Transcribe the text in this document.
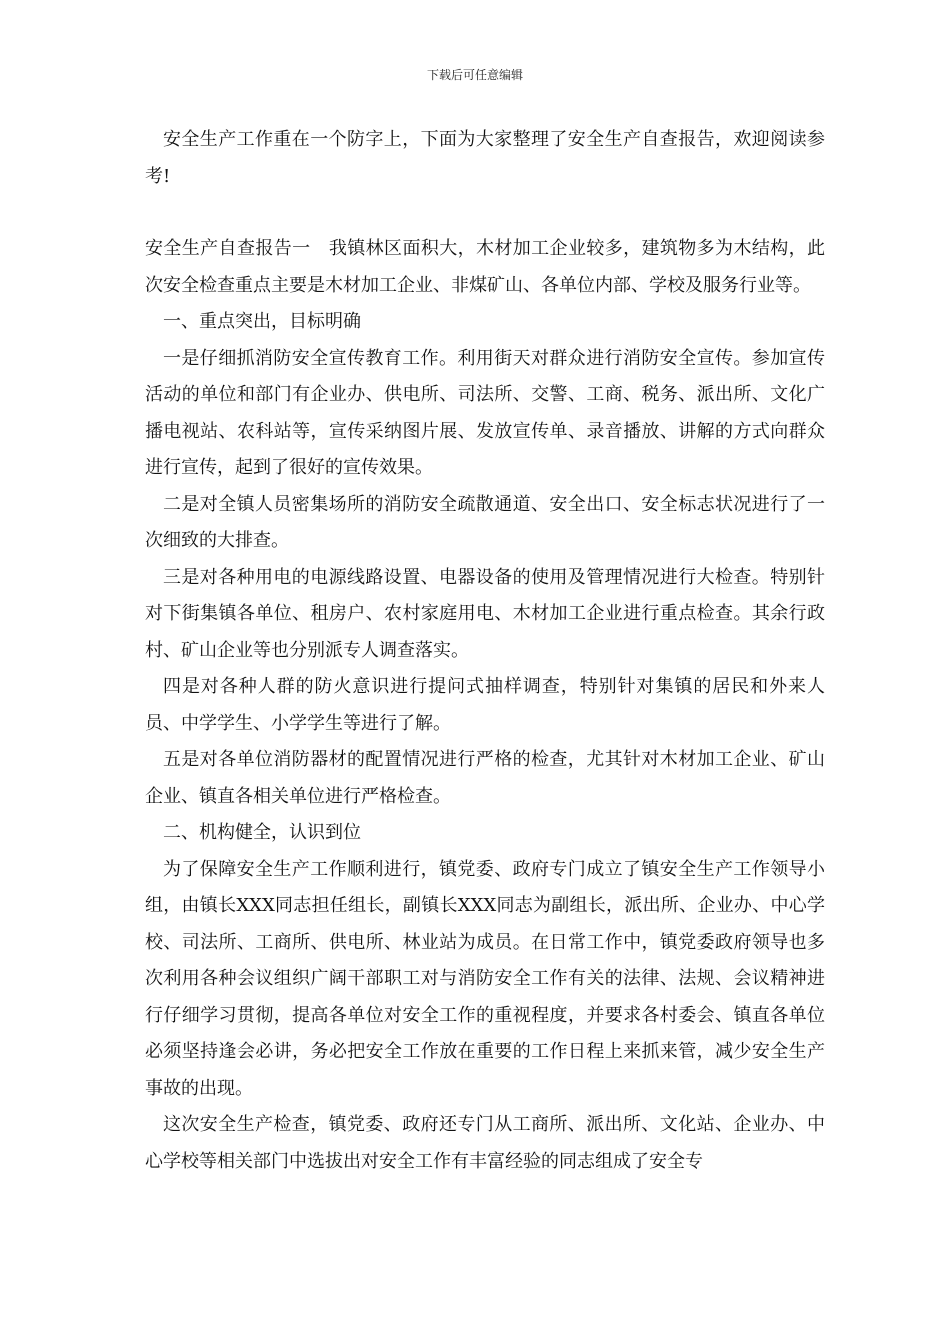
下载后可任意编辑

安全生产工作重在一个防字上，下面为大家整理了安全生产自查报告，欢迎阅读参考!

安全生产自查报告一　我镇林区面积大，木材加工企业较多，建筑物多为木结构，此次安全检查重点主要是木材加工企业、非煤矿山、各单位内部、学校及服务行业等。

一、重点突出，目标明确

一是仔细抓消防安全宣传教育工作。利用街天对群众进行消防安全宣传。参加宣传活动的单位和部门有企业办、供电所、司法所、交警、工商、税务、派出所、文化广播电视站、农科站等，宣传采纳图片展、发放宣传单、录音播放、讲解的方式向群众进行宣传，起到了很好的宣传效果。

二是对全镇人员密集场所的消防安全疏散通道、安全出口、安全标志状况进行了一次细致的大排查。

三是对各种用电的电源线路设置、电器设备的使用及管理情况进行大检查。特别针对下街集镇各单位、租房户、农村家庭用电、木材加工企业进行重点检查。其余行政村、矿山企业等也分别派专人调查落实。

四是对各种人群的防火意识进行提问式抽样调查，特别针对集镇的居民和外来人员、中学学生、小学学生等进行了解。

五是对各单位消防器材的配置情况进行严格的检查，尤其针对木材加工企业、矿山企业、镇直各相关单位进行严格检查。

二、机构健全，认识到位

为了保障安全生产工作顺利进行，镇党委、政府专门成立了镇安全生产工作领导小组，由镇长XXX同志担任组长，副镇长XXX同志为副组长，派出所、企业办、中心学校、司法所、工商所、供电所、林业站为成员。在日常工作中，镇党委政府领导也多次利用各种会议组织广阔干部职工对与消防安全工作有关的法律、法规、会议精神进行仔细学习贯彻，提高各单位对安全工作的重视程度，并要求各村委会、镇直各单位必须坚持逢会必讲，务必把安全工作放在重要的工作日程上来抓来管，减少安全生产事故的出现。

这次安全生产检查，镇党委、政府还专门从工商所、派出所、文化站、企业办、中心学校等相关部门中选拔出对安全工作有丰富经验的同志组成了安全专
